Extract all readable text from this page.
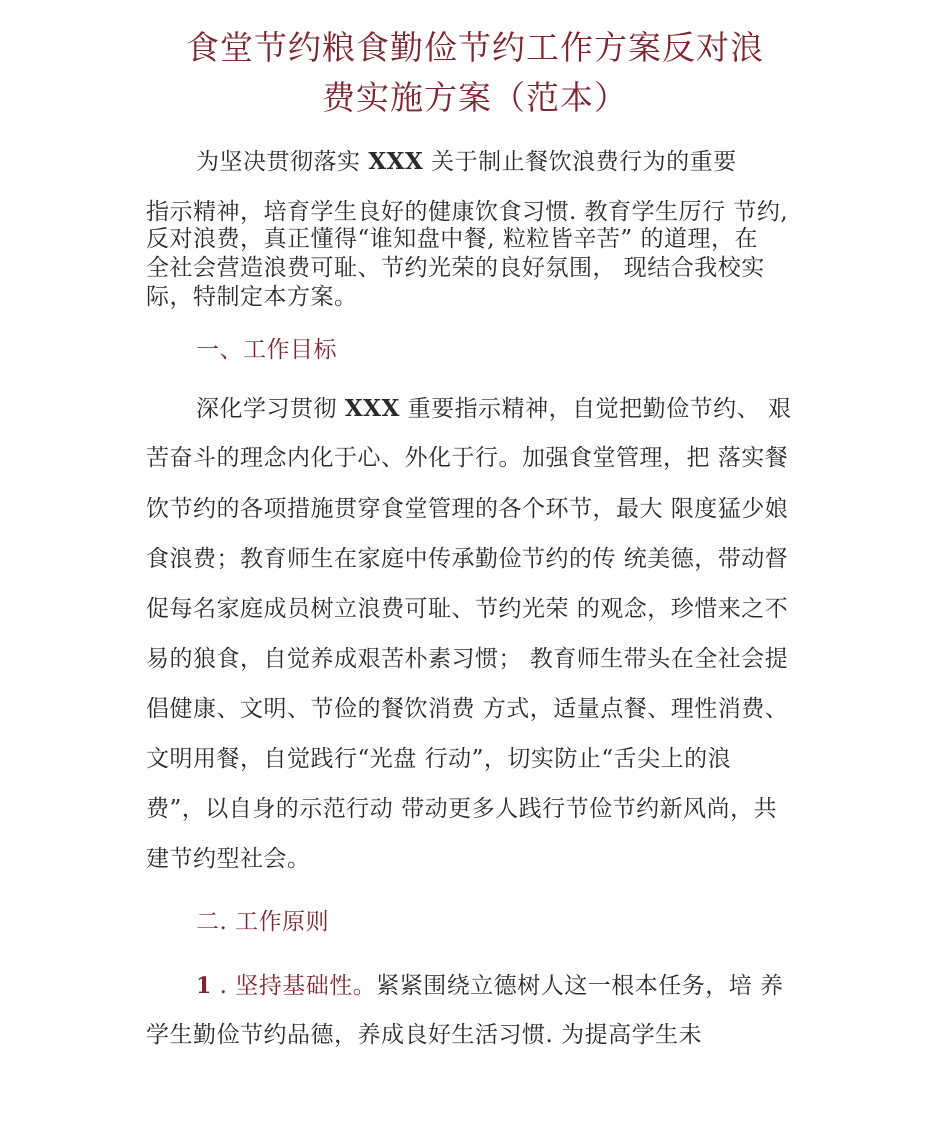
食堂节约粮食勤俭节约工作方案反对浪
费实施方案（范本）

为坚决贯彻落实 XXX 关于制止餐饮浪费行为的重要

指示精神，培育学生良好的健康饮食习惯. 教育学生厉行 节约,

反对浪费，真正懂得“谁知盘中餐, 粒粒皆辛苦” 的道理，在

全社会营造浪费可耻、节约光荣的良好氛围， 现结合我校实

际，特制定本方案。

一、工作目标

深化学习贯彻 XXX 重要指示精神，自觉把勤俭节约、 艰

苦奋斗的理念内化于心、外化于行。加强食堂管理，把 落实餐

饮节约的各项措施贯穿食堂管理的各个环节，最大 限度猛少娘

食浪费；教育师生在家庭中传承勤俭节约的传 统美德，带动督

促每名家庭成员树立浪费可耻、节约光荣 的观念，珍惜来之不

易的狼食，自觉养成艰苦朴素习惯； 教育师生带头在全社会提

倡健康、文明、节俭的餐饮消费 方式，适量点餐、理性消费、

文明用餐，自觉践行“光盘 行动”，切实防止“舌尖上的浪

费”，以自身的示范行动 带动更多人践行节俭节约新风尚，共

建节约型社会。

二. 工作原则

1 . 坚持基础性。紧紧围绕立德树人这一根本任务，培 养

学生勤俭节约品德，养成良好生活习惯. 为提高学生未
